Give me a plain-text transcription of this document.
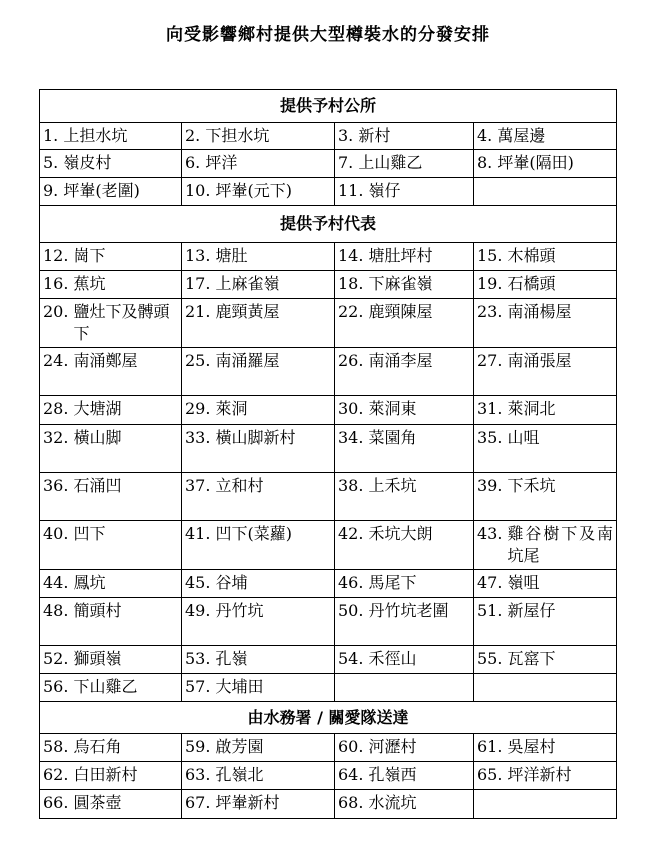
向受影響鄉村提供大型樽裝水的分發安排
提供予村公所			

1. 上担水坑	2. 下担水坑	3. 新村	4. 萬屋邊

5. 嶺皮村	6. 坪洋	7. 上山雞乙	8. 坪輋(隔田)

9. 坪輋(老圍)	10. 坪輋(元下)	11. 嶺仔	

提供予村代表			

12. 崗下	13. 塘肚	14. 塘肚坪村	15. 木棉頭

16. 蕉坑	17. 上麻雀嶺	18. 下麻雀嶺	19. 石橋頭

20. 鹽灶下及髆頭下	21. 鹿頸黃屋	22. 鹿頸陳屋	23. 南涌楊屋

24. 南涌鄭屋	25. 南涌羅屋	26. 南涌李屋	27. 南涌張屋

28. 大塘湖	29. 萊洞	30. 萊洞東	31. 萊洞北

32. 橫山脚	33. 橫山脚新村	34. 菜園角	35. 山咀

36. 石涌凹	37. 立和村	38. 上禾坑	39. 下禾坑

40. 凹下	41. 凹下(菜蘿)	42. 禾坑大朗	43. 雞谷樹下及南坑尾

44. 鳳坑	45. 谷埔	46. 馬尾下	47. 嶺咀

48. 簡頭村	49. 丹竹坑	50. 丹竹坑老圍	51. 新屋仔

52. 獅頭嶺	53. 孔嶺	54. 禾徑山	55. 瓦窰下

56. 下山雞乙	57. 大埔田		

由水務署 / 關愛隊送達			

58. 烏石角	59. 啟芳園	60. 河瀝村	61. 吳屋村

62. 白田新村	63. 孔嶺北	64. 孔嶺西	65. 坪洋新村

66. 圓茶壺	67. 坪輋新村	68. 水流坑	
